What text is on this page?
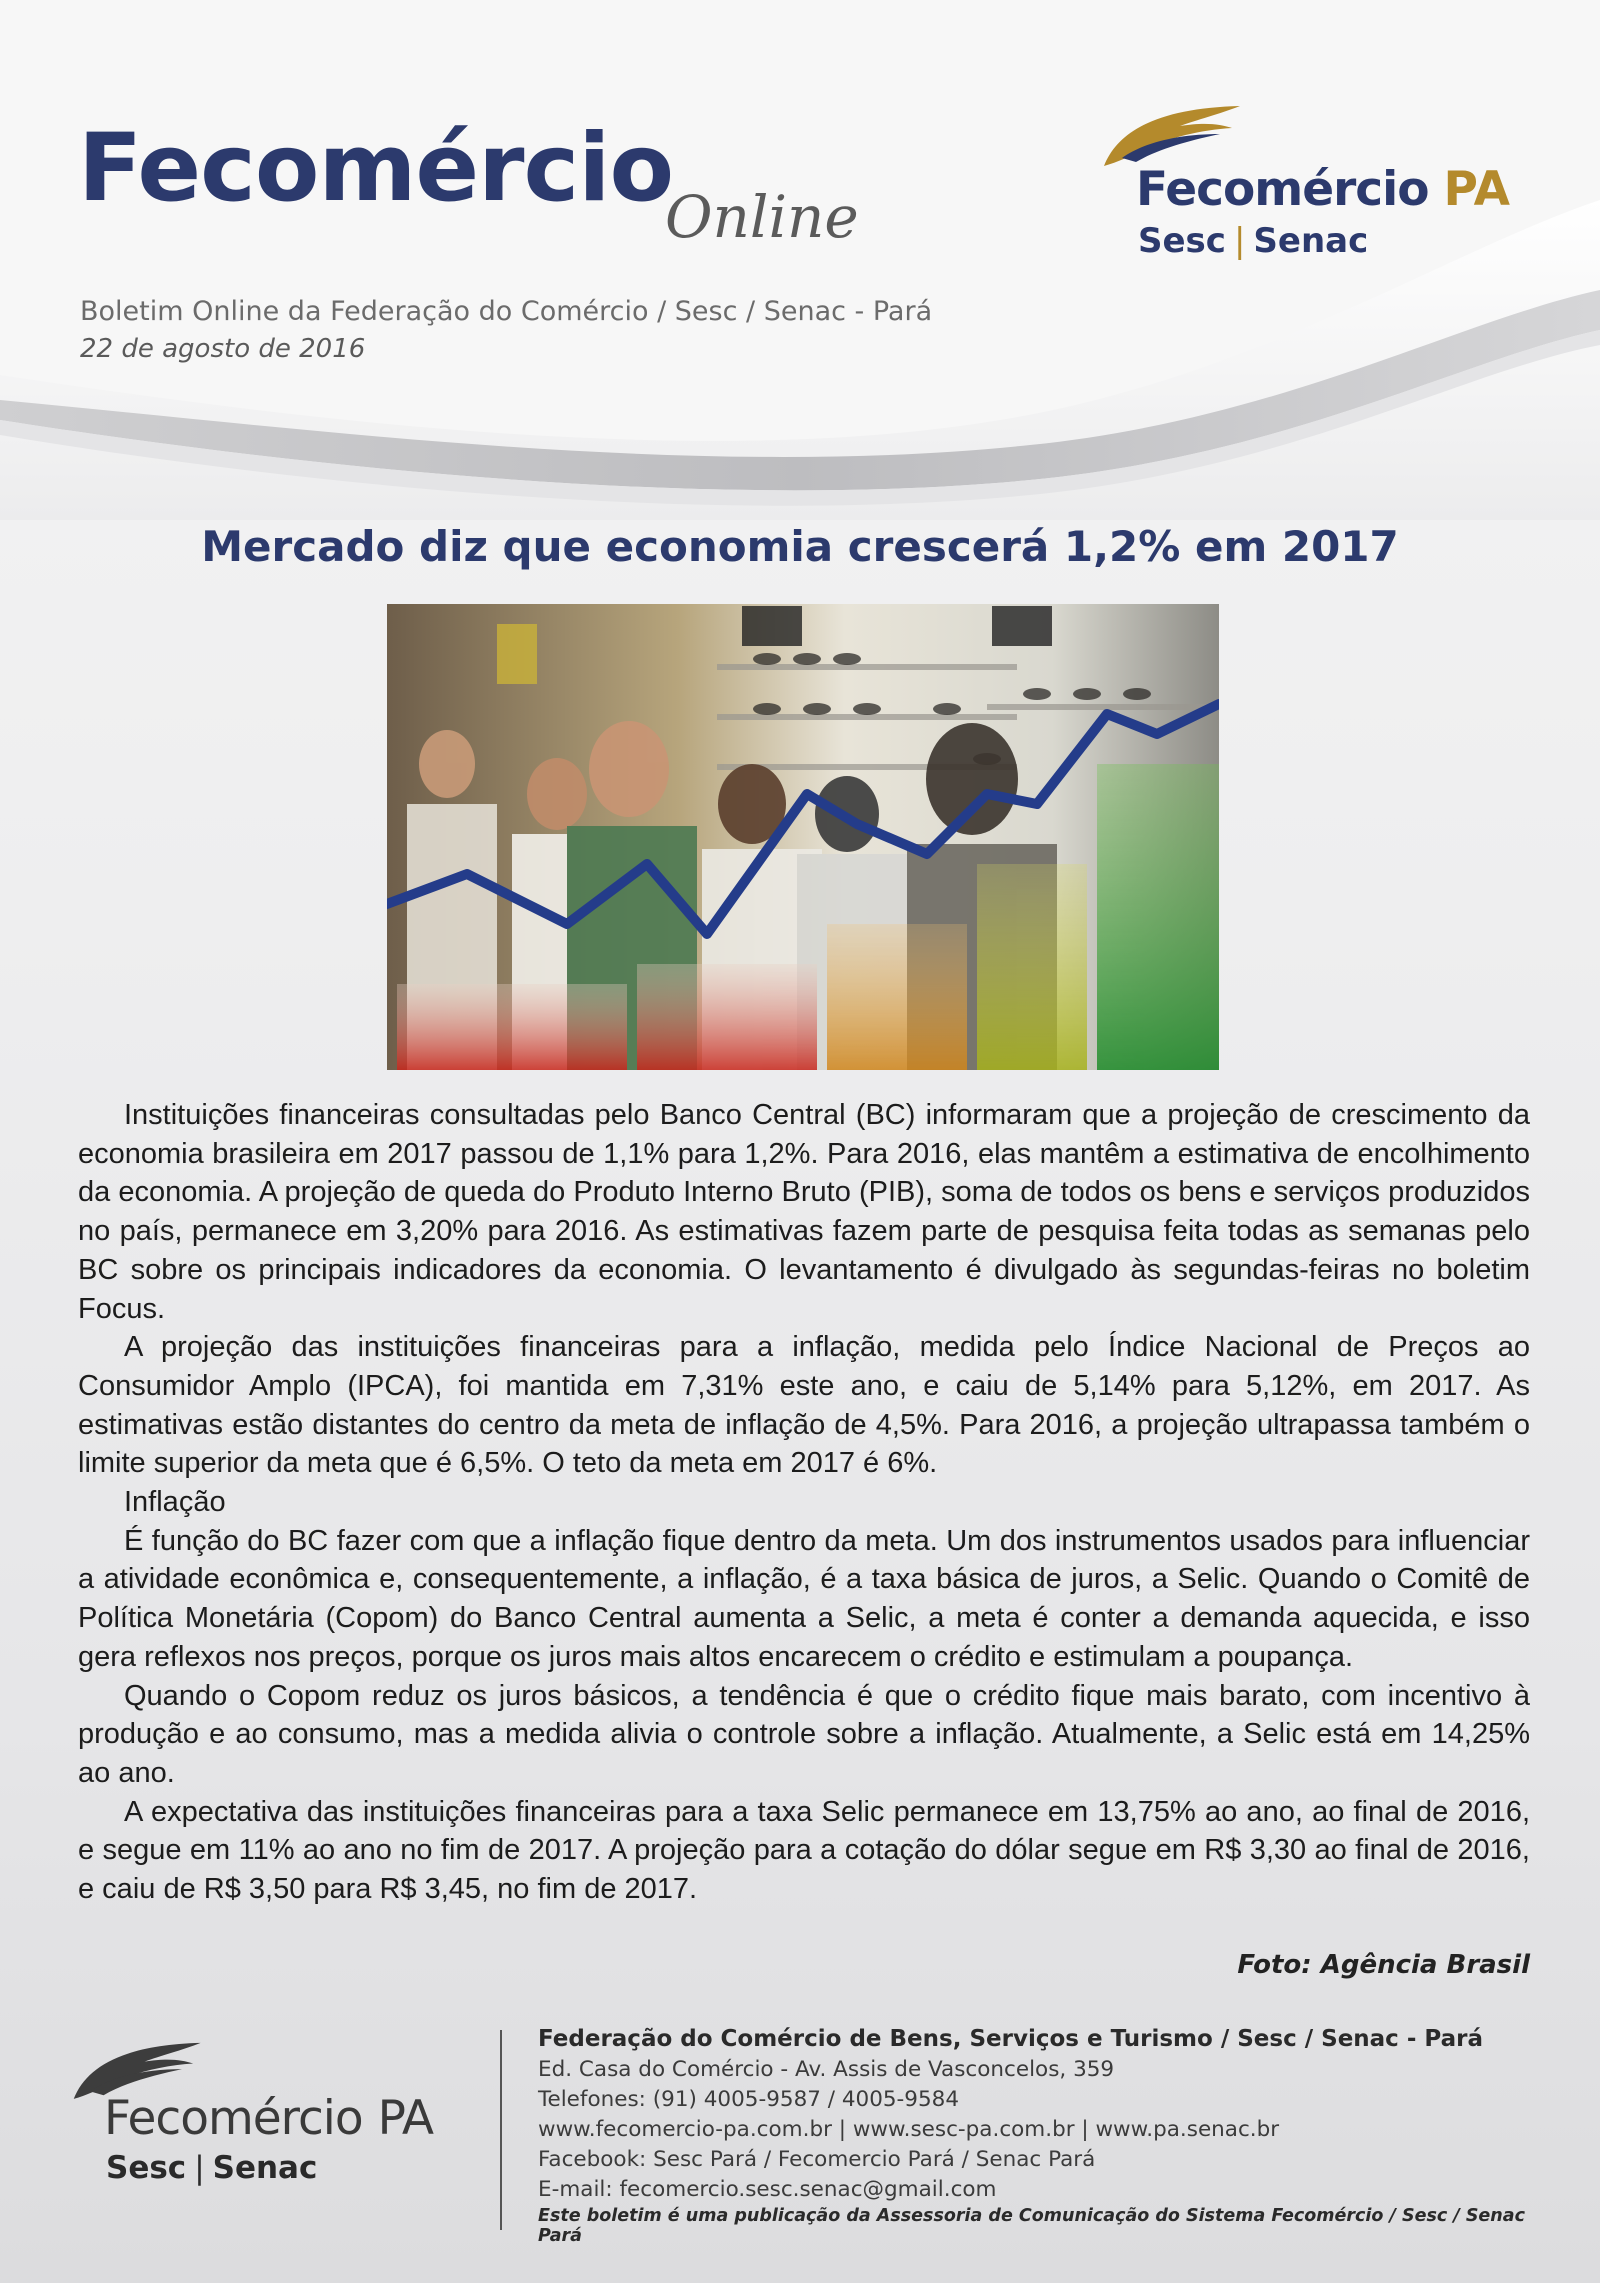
Fecomércio
Online
Boletim Online da Federação do Comércio / Sesc / Senac - Pará
22 de agosto de 2016
Fecomércio PA
Sesc | Senac
Mercado diz que economia crescerá 1,2% em 2017

Instituições financeiras consultadas pelo Banco Central (BC) informaram que a projeção de crescimento da economia brasileira em 2017 passou de 1,1% para 1,2%. Para 2016, elas mantêm a estimativa de encolhimento da economia. A projeção de queda do Produto Interno Bruto (PIB), soma de todos os bens e serviços produzidos no país, permanece em 3,20% para 2016. As estimativas fazem parte de pesquisa feita todas as semanas pelo BC sobre os principais indicadores da economia. O levantamento é divulgado às segundas-feiras no boletim Focus.

A projeção das instituições financeiras para a inflação, medida pelo Índice Nacional de Preços ao Consumidor Amplo (IPCA), foi mantida em 7,31% este ano, e caiu de 5,14% para 5,12%, em 2017. As estimativas estão distantes do centro da meta de inflação de 4,5%. Para 2016, a projeção ultrapassa também o limite superior da meta que é 6,5%. O teto da meta em 2017 é 6%.

Inflação

É função do BC fazer com que a inflação fique dentro da meta. Um dos instrumentos usados para influenciar a atividade econômica e, consequentemente, a inflação, é a taxa básica de juros, a Selic. Quando o Comitê de Política Monetária (Copom) do Banco Central aumenta a Selic, a meta é conter a demanda aquecida, e isso gera reflexos nos preços, porque os juros mais altos encarecem o crédito e estimulam a poupança.

Quando o Copom reduz os juros básicos, a tendência é que o crédito fique mais barato, com incentivo à produção e ao consumo, mas a medida alivia o controle sobre a inflação. Atualmente, a Selic está em 14,25% ao ano.

A expectativa das instituições financeiras para a taxa Selic permanece em 13,75% ao ano, ao final de 2016, e segue em 11% ao ano no fim de 2017. A projeção para a cotação do dólar segue em R$ 3,30 ao final de 2016, e caiu de R$ 3,50 para R$ 3,45, no fim de 2017.

Foto: Agência Brasil
Fecomércio PA
Sesc | Senac
Federação do Comércio de Bens, Serviços e Turismo / Sesc / Senac - Pará
Ed. Casa do Comércio - Av. Assis de Vasconcelos, 359
Telefones: (91) 4005-9587 / 4005-9584
www.fecomercio-pa.com.br | www.sesc-pa.com.br | www.pa.senac.br
Facebook: Sesc Pará / Fecomercio Pará / Senac Pará
E-mail: fecomercio.sesc.senac@gmail.com
Este boletim é uma publicação da Assessoria de Comunicação do Sistema Fecomércio / Sesc / Senac Pará
